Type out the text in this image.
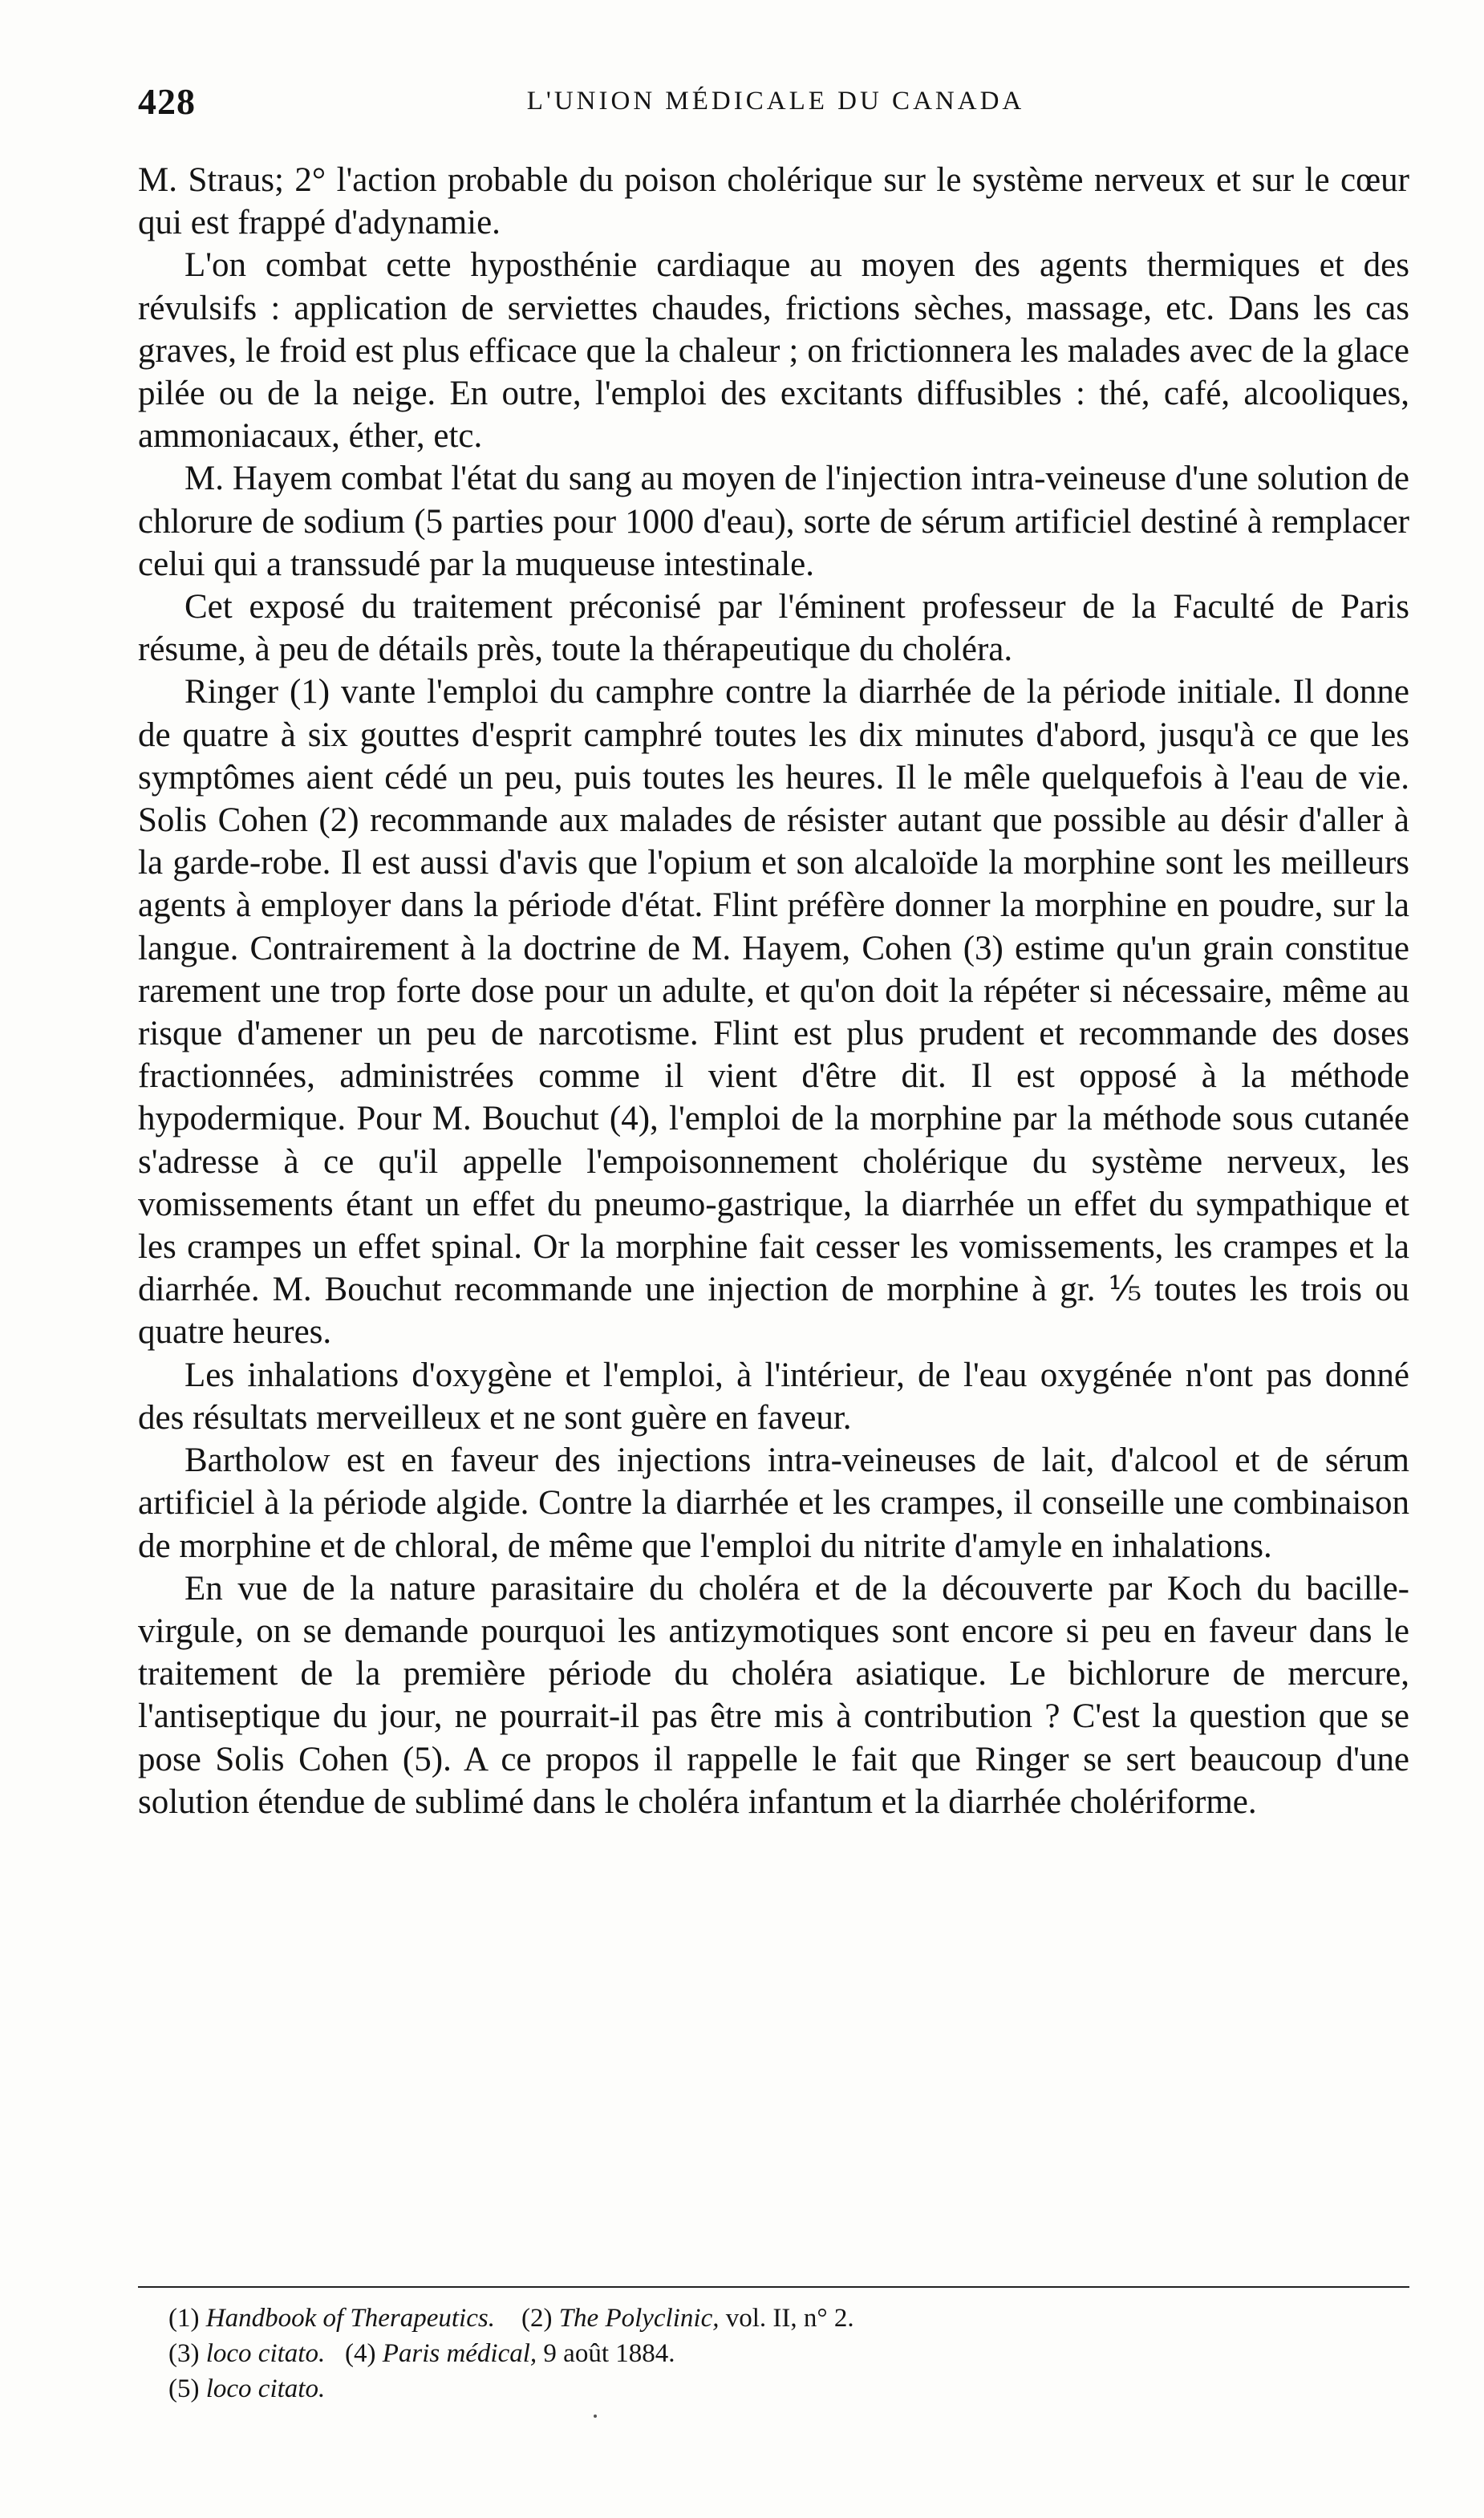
428	L'UNION MÉDICALE DU CANADA

M. Straus; 2° l'action probable du poison cholérique sur le système nerveux et sur le cœur qui est frappé d'adynamie.

L'on combat cette hyposthénie cardiaque au moyen des agents thermiques et des révulsifs : application de serviettes chaudes, frictions sèches, massage, etc. Dans les cas graves, le froid est plus efficace que la chaleur ; on frictionnera les malades avec de la glace pilée ou de la neige. En outre, l'emploi des excitants diffusibles : thé, café, alcooliques, ammoniacaux, éther, etc.

M. Hayem combat l'état du sang au moyen de l'injection intra-veineuse d'une solution de chlorure de sodium (5 parties pour 1000 d'eau), sorte de sérum artificiel destiné à remplacer celui qui a transsudé par la muqueuse intestinale.

Cet exposé du traitement préconisé par l'éminent professeur de la Faculté de Paris résume, à peu de détails près, toute la thérapeutique du choléra.

Ringer (1) vante l'emploi du camphre contre la diarrhée de la période initiale. Il donne de quatre à six gouttes d'esprit camphré toutes les dix minutes d'abord, jusqu'à ce que les symptômes aient cédé un peu, puis toutes les heures. Il le mêle quelquefois à l'eau de vie. Solis Cohen (2) recommande aux malades de résister autant que possible au désir d'aller à la garde-robe. Il est aussi d'avis que l'opium et son alcaloïde la morphine sont les meilleurs agents à employer dans la période d'état. Flint préfère donner la morphine en poudre, sur la langue. Contrairement à la doctrine de M. Hayem, Cohen (3) estime qu'un grain constitue rarement une trop forte dose pour un adulte, et qu'on doit la répéter si nécessaire, même au risque d'amener un peu de narcotisme. Flint est plus prudent et recommande des doses fractionnées, administrées comme il vient d'être dit. Il est opposé à la méthode hypodermique. Pour M. Bouchut (4), l'emploi de la morphine par la méthode sous cutanée s'adresse à ce qu'il appelle l'empoisonnement cholérique du système nerveux, les vomissements étant un effet du pneumo-gastrique, la diarrhée un effet du sympathique et les crampes un effet spinal. Or la morphine fait cesser les vomissements, les crampes et la diarrhée. M. Bouchut recommande une injection de morphine à gr. ⅕ toutes les trois ou quatre heures.

Les inhalations d'oxygène et l'emploi, à l'intérieur, de l'eau oxygénée n'ont pas donné des résultats merveilleux et ne sont guère en faveur.

Bartholow est en faveur des injections intra-veineuses de lait, d'alcool et de sérum artificiel à la période algide. Contre la diarrhée et les crampes, il conseille une combinaison de morphine et de chloral, de même que l'emploi du nitrite d'amyle en inhalations.

En vue de la nature parasitaire du choléra et de la découverte par Koch du bacille-virgule, on se demande pourquoi les antizymotiques sont encore si peu en faveur dans le traitement de la première période du choléra asiatique. Le bichlorure de mercure, l'antiseptique du jour, ne pourrait-il pas être mis à contribution ? C'est la question que se pose Solis Cohen (5). A ce propos il rappelle le fait que Ringer se sert beaucoup d'une solution étendue de sublimé dans le choléra infantum et la diarrhée cholériforme.

(1) Handbook of Therapeutics. (2) The Polyclinic, vol. II, n° 2.

(3) loco citato. (4) Paris médical, 9 août 1884.

(5) loco citato.
